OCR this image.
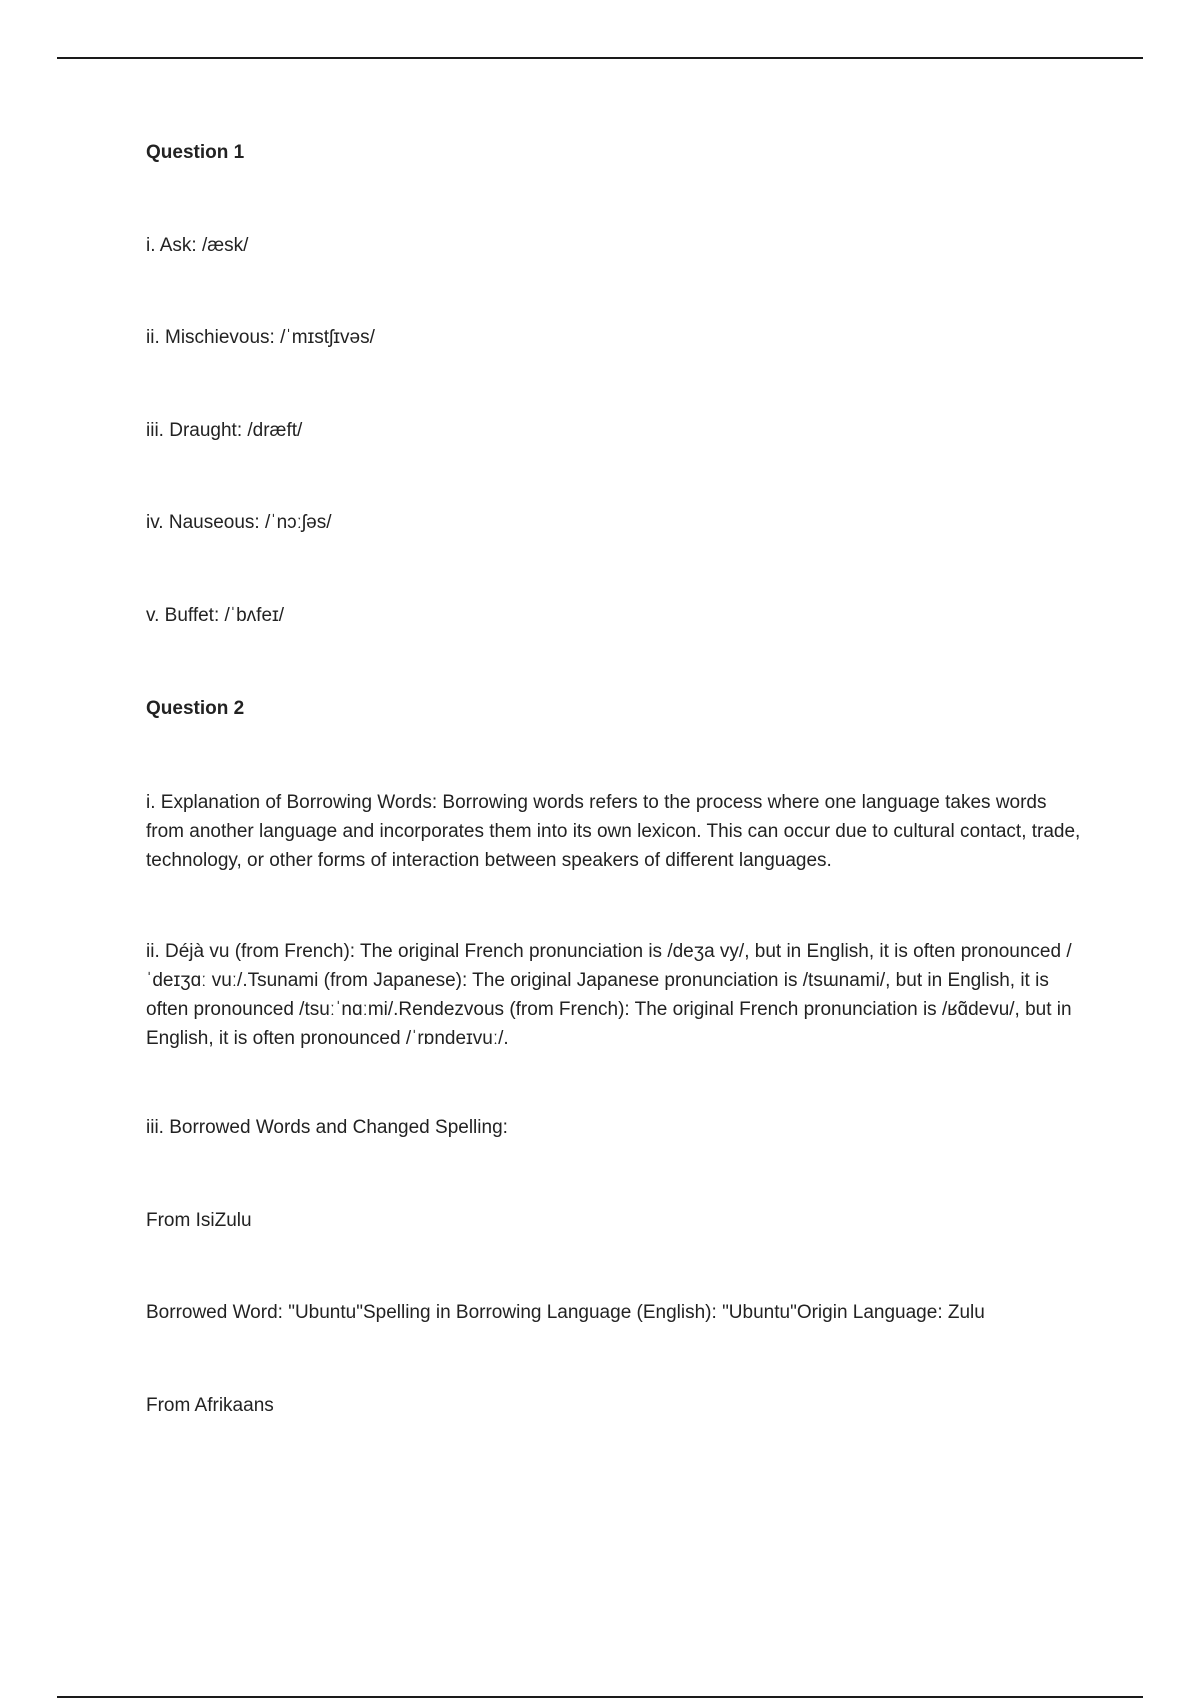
Question 1
i. Ask: /æsk/
ii. Mischievous: /ˈmɪstʃɪvəs/
iii. Draught: /dræft/
iv. Nauseous: /ˈnɔːʃəs/
v. Buffet: /ˈbʌfeɪ/
Question 2
i. Explanation of Borrowing Words: Borrowing words refers to the process where one language takes words from another language and incorporates them into its own lexicon. This can occur due to cultural contact, trade, technology, or other forms of interaction between speakers of different languages.
ii. Déjà vu (from French): The original French pronunciation is /deʒa vy/, but in English, it is often pronounced /ˈdeɪʒɑː vuː/.Tsunami (from Japanese): The original Japanese pronunciation is /tsɯnami/, but in English, it is often pronounced /tsuːˈnɑːmi/.Rendezvous (from French): The original French pronunciation is /ʁɑ̃devu/, but in English, it is often pronounced /ˈrɒndeɪvuː/.
iii. Borrowed Words and Changed Spelling:
From IsiZulu
Borrowed Word: "Ubuntu"Spelling in Borrowing Language (English): "Ubuntu"Origin Language: Zulu
From Afrikaans
